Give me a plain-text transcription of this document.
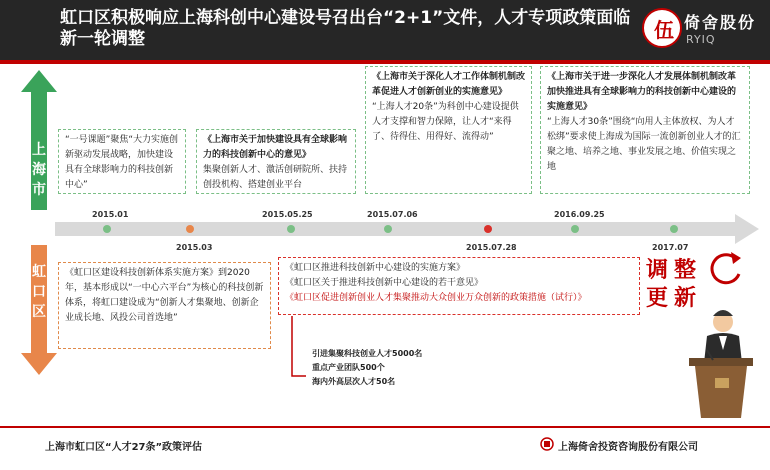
虹口区积极响应上海科创中心建设号召出台“2+1”文件，人才专项政策面临新一轮调整	伍 倚舍股份
RYIQ
上海市
虹口区
“一号课题”聚焦“大力实施创新驱动发展战略，加快建设具有全球影响力的科技创新中心”
《上海市关于加快建设具有全球影响力的科技创新中心的意见》
集聚创新人才、激活创研院所、扶持创投机构、搭建创业平台
《上海市关于深化人才工作体制机制改革促进人才创新创业的实施意见》
“上海人才20条”为科创中心建设提供人才支撑和智力保障，让人才“来得了、待得住、用得好、流得动”
《上海市关于进一步深化人才发展体制机制改革加快推进具有全球影响力的科技创新中心建设的实施意见》
“上海人才30条”围绕“向用人主体放权、为人才松绑”要求使上海成为国际一流创新创业人才的汇聚之地、培养之地、事业发展之地、价值实现之地
2015.01	2015.05.25	2015.07.06	2016.09.25
2015.03	2015.07.28	2017.07
《虹口区建设科技创新体系实施方案》到2020年，基本形成以“一中心六平台”为核心的科技创新体系，将虹口建设成为“创新人才集聚地、创新企业成长地、风投公司首选地”
《虹口区推进科技创新中心建设的实施方案》
《虹口区关于推进科技创新中心建设的若干意见》
《虹口区促进创新创业人才集聚推动大众创业万众创新的政策措施（试行）》
引进集聚科技创业人才5000名
重点产业团队500个
海内外高层次人才50名
调整
更新
上海市虹口区“人才27条”政策评估	上海倚舍投资咨询股份有限公司
